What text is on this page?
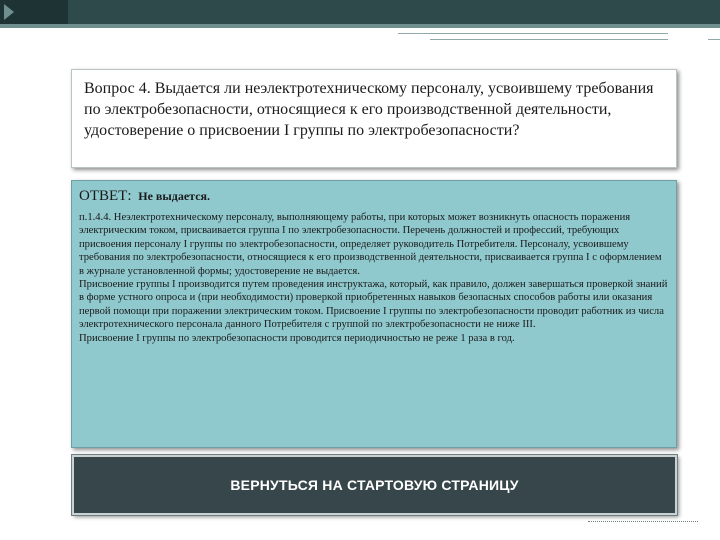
Вопрос 4. Выдается ли неэлектротехническому персоналу, усвоившему требования по электробезопасности, относящиеся к его производственной деятельности, удостоверение о присвоении I группы по электробезопасности?
ОТВЕТ: Не выдается.

п.1.4.4. Неэлектротехническому персоналу, выполняющему работы, при которых может возникнуть опасность поражения электрическим током, присваивается группа I по электробезопасности. Перечень должностей и профессий, требующих присвоения персоналу I группы по электробезопасности, определяет руководитель Потребителя. Персоналу, усвоившему требования по электробезопасности, относящиеся к его производственной деятельности, присваивается группа I с оформлением в журнале установленной формы; удостоверение не выдается.

Присвоение группы I производится путем проведения инструктажа, который, как правило, должен завершаться проверкой знаний в форме устного опроса и (при необходимости) проверкой приобретенных навыков безопасных способов работы или оказания первой помощи при поражении электрическим током. Присвоение I группы по электробезопасности проводит работник из числа электротехнического персонала данного Потребителя с группой по электробезопасности не ниже III.

Присвоение I группы по электробезопасности проводится периодичностью не реже 1 раза в год.

ВЕРНУТЬСЯ НА СТАРТОВУЮ СТРАНИЦУ
